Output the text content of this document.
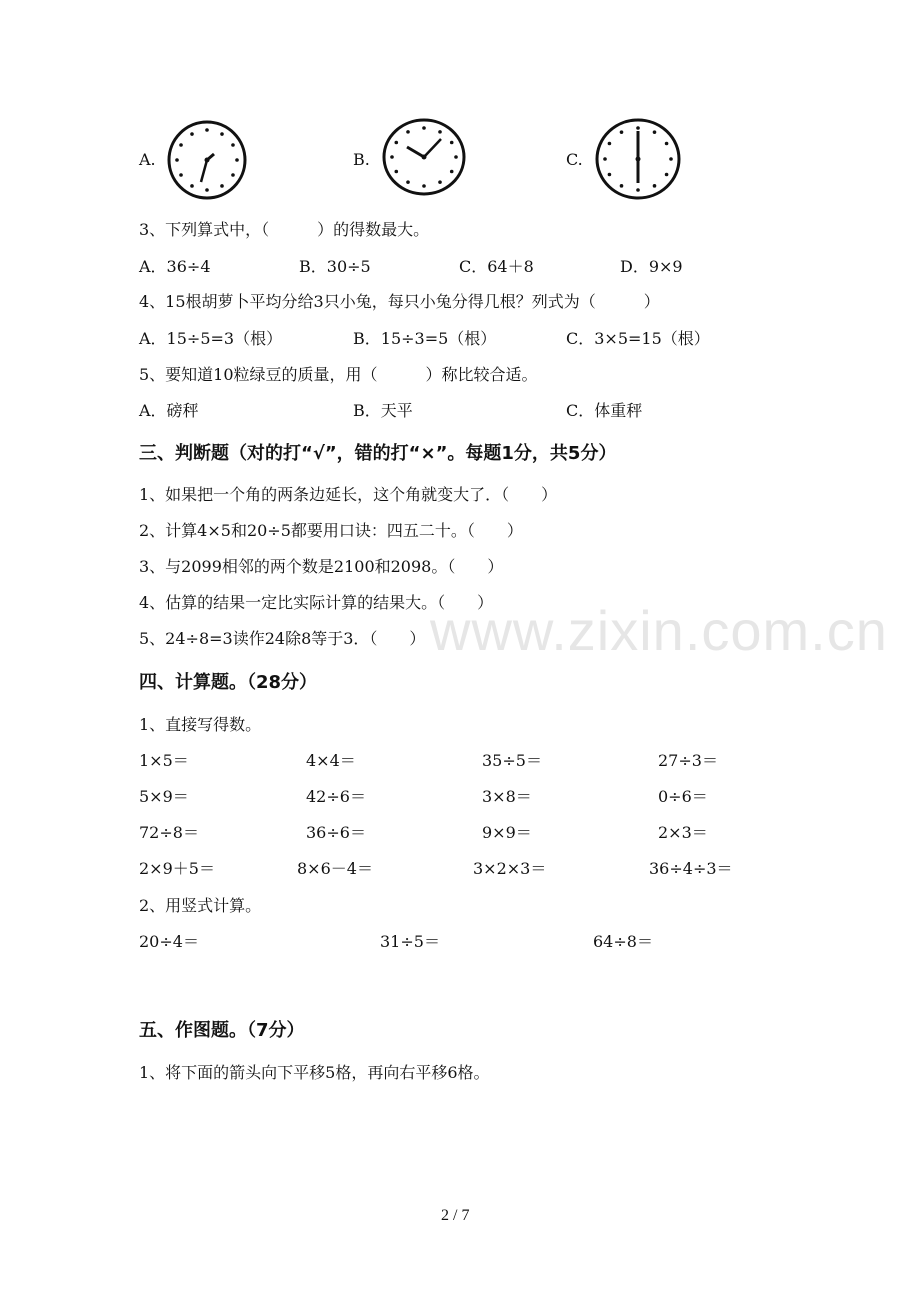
A.	B.	C.
3、下列算式中，（　　　）的得数最大。
A．36÷4	B．30÷5	C．64＋8	D．9×9
4、15根胡萝卜平均分给3只小兔，每只小兔分得几根？列式为（　　　）
A．15÷5=3（根）	B．15÷3=5（根）	C．3×5=15（根）
5、要知道10粒绿豆的质量，用（　　　）称比较合适。
A．磅秤	B．天平	C．体重秤
三、判断题（对的打“√”，错的打“×”。每题1分，共5分）
1、如果把一个角的两条边延长，这个角就变大了．（　　）
2、计算4×5和20÷5都要用口诀：四五二十。（　　）
3、与2099相邻的两个数是2100和2098。（　　）
4、估算的结果一定比实际计算的结果大。（　　）
5、24÷8=3读作24除8等于3．（　　） www.zixin.com.cn
四、计算题。（28分）
1、直接写得数。
1×5＝	4×4＝	35÷5＝	27÷3＝
5×9＝	42÷6＝	3×8＝	0÷6＝
72÷8＝	36÷6＝	9×9＝	2×3＝
2×9＋5＝	8×6－4＝	3×2×3＝	36÷4÷3＝
2、用竖式计算。
20÷4＝	31÷5＝	64÷8＝
五、作图题。（7分）
1、将下面的箭头向下平移5格，再向右平移6格。
2 / 7
